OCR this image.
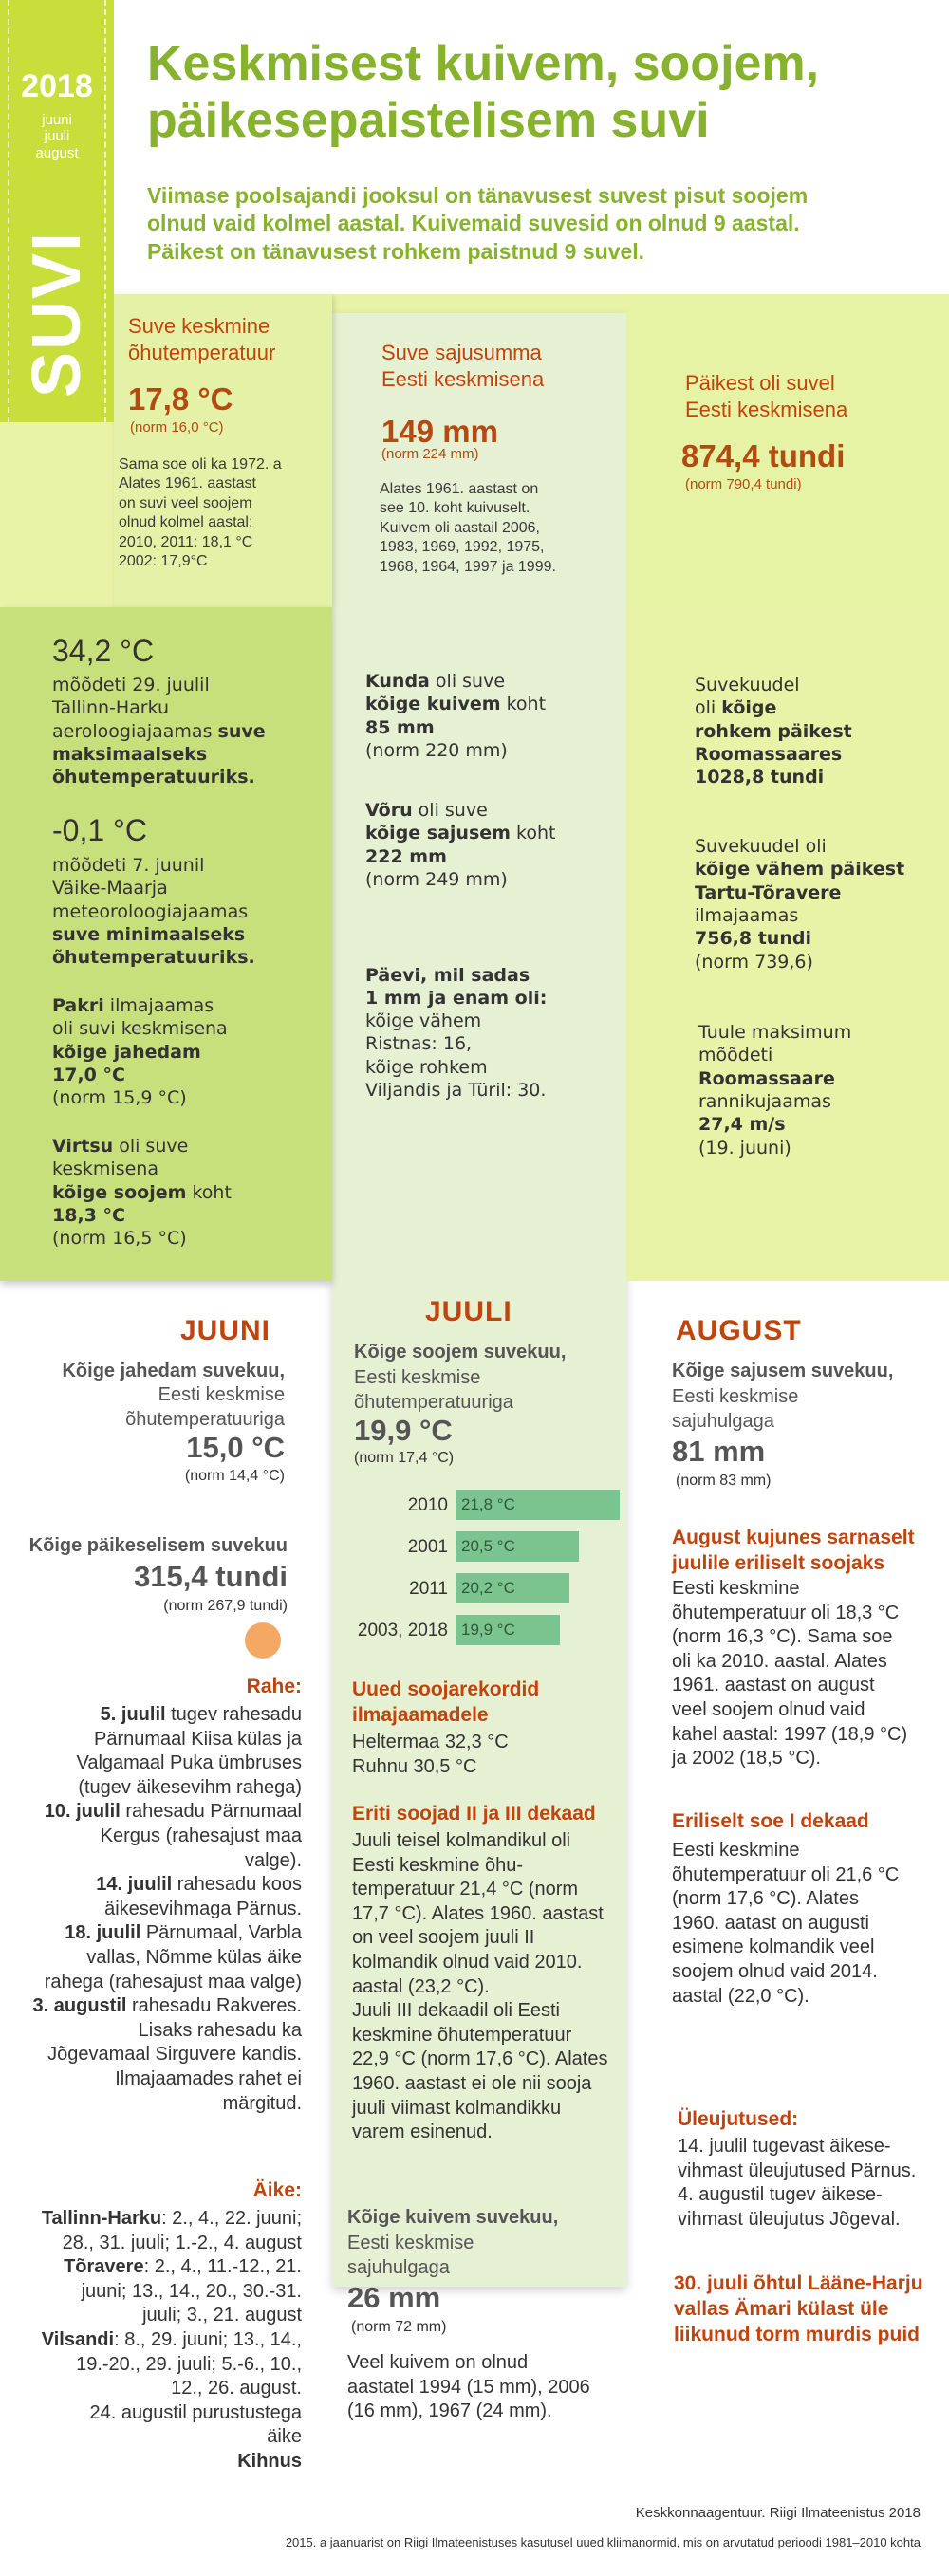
2018
juuni
juuli
august
SUVI
Keskmisest kuivem, soojem,
päikesepaistelisem suvi
Viimase poolsajandi jooksul on tänavusest suvest pisut soojem
olnud vaid kolmel aastal. Kuivemaid suvesid on olnud 9 aastal.
Päikest on tänavusest rohkem paistnud 9 suvel.
Suve keskmine
õhutemperatuur
17,8 °C
(norm 16,0 °C)
Sama soe oli ka 1972. a
Alates 1961. aastast
on suvi veel soojem
olnud kolmel aastal:
2010, 2011: 18,1 °C
2002: 17,9°C
Suve sajusumma
Eesti keskmisena
149 mm
(norm 224 mm)
Alates 1961. aastast on
see 10. koht kuivuselt.
Kuivem oli aastail 2006,
1983, 1969, 1992, 1975,
1968, 1964, 1997 ja 1999.
Päikest oli suvel
Eesti keskmisena
874,4 tundi
(norm 790,4 tundi)
34,2 °C
mõõdeti 29. juulil
Tallinn-Harku
aeroloogiajaamas suve
maksimaalseks
õhutemperatuuriks.
-0,1 °C
mõõdeti 7. juunil
Väike-Maarja
meteoroloogiajaamas
suve minimaalseks
õhutemperatuuriks.
Pakri ilmajaamas
oli suvi keskmisena
kõige jahedam
17,0 °C
(norm 15,9 °C)
Virtsu oli suve
keskmisena
kõige soojem koht
18,3 °C
(norm 16,5 °C)
Kunda oli suve
kõige kuivem koht
85 mm
(norm 220 mm)
Võru oli suve
kõige sajusem koht
222 mm
(norm 249 mm)
Päevi, mil sadas
1 mm ja enam oli:
kõige vähem
Ristnas: 16,
kõige rohkem
Viljandis ja Türil: 30.
Suvekuudel
oli kõige
rohkem päikest
Roomassaares
1028,8 tundi
Suvekuudel oli
kõige vähem päikest
Tartu-Tõravere
ilmajaamas
756,8 tundi
(norm 739,6)
Tuule maksimum
mõõdeti
Roomassaare
rannikujaamas
27,4 m/s
(19. juuni)
JUUNI
Kõige jahedam suvekuu,
Eesti keskmise
õhutemperatuuriga
15,0 °C
(norm 14,4 °C)
Kõige päikeselisem suvekuu
315,4 tundi
(norm 267,9 tundi)
Rahe:
5. juulil tugev rahesadu
Pärnumaal Kiisa külas ja
Valgamaal Puka ümbruses
(tugev äikesevihm rahega)
10. juulil rahesadu Pärnumaal
Kergus (rahesajust maa
valge).
14. juulil rahesadu koos
äikesevihmaga Pärnus.
18. juulil Pärnumaal, Varbla
vallas, Nõmme külas äike
rahega (rahesajust maa valge)
3. augustil rahesadu Rakveres.
Lisaks rahesadu ka
Jõgevamaal Sirguvere kandis.
Ilmajaamades rahet ei
märgitud.
Äike:
Tallinn-Harku: 2., 4., 22. juuni;
28., 31. juuli; 1.-2., 4. august
Tõravere: 2., 4., 11.-12., 21.
juuni; 13., 14., 20., 30.-31.
juuli; 3., 21. august
Vilsandi: 8., 29. juuni; 13., 14.,
19.-20., 29. juuli; 5.-6., 10.,
12., 26. august.
24. augustil purustustega
äike
Kihnus
JUULI
Kõige soojem suvekuu,
Eesti keskmise
õhutemperatuuriga
19,9 °C
(norm 17,4 °C)
2010 21,8 °C
2001 20,5 °C
2011 20,2 °C
2003, 2018 19,9 °C
Uued soojarekordid
ilmajaamadele
Heltermaa 32,3 °C
Ruhnu 30,5 °C
Eriti soojad II ja III dekaad
Juuli teisel kolmandikul oli
Eesti keskmine õhu-
temperatuur 21,4 °C (norm
17,7 °C). Alates 1960. aastast
on veel soojem juuli II
kolmandik olnud vaid 2010.
aastal (23,2 °C).
Juuli III dekaadil oli Eesti
keskmine õhutemperatuur
22,9 °C (norm 17,6 °C). Alates
1960. aastast ei ole nii sooja
juuli viimast kolmandikku
varem esinenud.
Kõige kuivem suvekuu,
Eesti keskmise
sajuhulgaga
26 mm
(norm 72 mm)
Veel kuivem on olnud
aastatel 1994 (15 mm), 2006
(16 mm), 1967 (24 mm).
AUGUST
Kõige sajusem suvekuu,
Eesti keskmise
sajuhulgaga
81 mm
(norm 83 mm)
August kujunes sarnaselt
juulile eriliselt soojaks
Eesti keskmine
õhutemperatuur oli 18,3 °C
(norm 16,3 °C). Sama soe
oli ka 2010. aastal. Alates
1961. aastast on august
veel soojem olnud vaid
kahel aastal: 1997 (18,9 °C)
ja 2002 (18,5 °C).
Eriliselt soe I dekaad
Eesti keskmine
õhutemperatuur oli 21,6 °C
(norm 17,6 °C). Alates
1960. aatast on augusti
esimene kolmandik veel
soojem olnud vaid 2014.
aastal (22,0 °C).
Üleujutused:
14. juulil tugevast äikese-
vihmast üleujutused Pärnus.
4. augustil tugev äikese-
vihmast üleujutus Jõgeval.
30. juuli õhtul Lääne-Harju
vallas Ämari külast üle
liikunud torm murdis puid
Keskkonnaagentuur. Riigi Ilmateenistus 2018
2015. a jaanuarist on Riigi Ilmateenistuses kasutusel uued kliimanormid, mis on arvutatud perioodi 1981–2010 kohta
